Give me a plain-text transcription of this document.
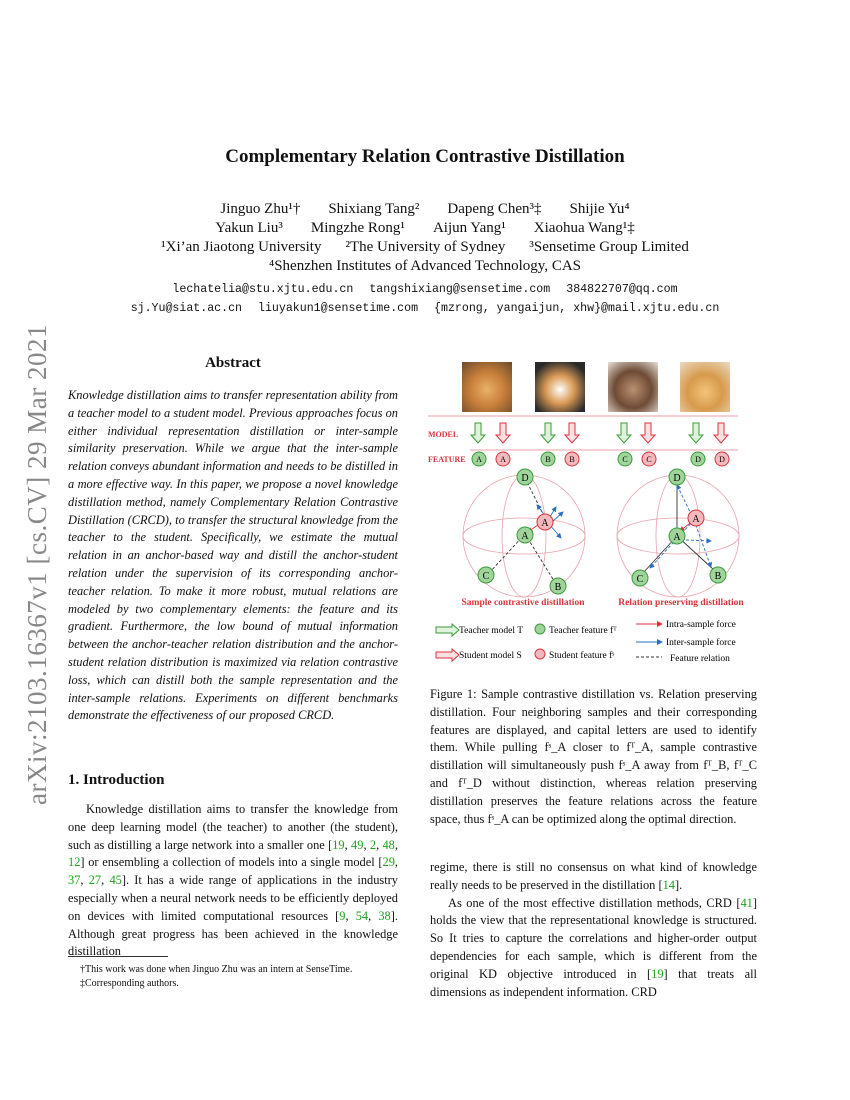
arXiv:2103.16367v1 [cs.CV] 29 Mar 2021
Complementary Relation Contrastive Distillation
Jinguo Zhu¹† Shixiang Tang² Dapeng Chen³‡ Shijie Yu⁴
Yakun Liu³ Mingzhe Rong¹ Aijun Yang¹ Xiaohua Wang¹‡
¹Xi’an Jiaotong University ²The University of Sydney ³Sensetime Group Limited
⁴Shenzhen Institutes of Advanced Technology, CAS
lechatelia@stu.xjtu.edu.cn tangshixiang@sensetime.com 384822707@qq.com
sj.Yu@siat.ac.cn liuyakun1@sensetime.com {mzrong, yangaijun, xhw}@mail.xjtu.edu.cn
Abstract

Knowledge distillation aims to transfer representation ability from a teacher model to a student model. Previous approaches focus on either individual representation distillation or inter-sample similarity preservation. While we argue that the inter-sample relation conveys abundant information and needs to be distilled in a more effective way. In this paper, we propose a novel knowledge distillation method, namely Complementary Relation Contrastive Distillation (CRCD), to transfer the structural knowledge from the teacher to the student. Specifically, we estimate the mutual relation in an anchor-based way and distill the anchor-student relation under the supervision of its corresponding anchor-teacher relation. To make it more robust, mutual relations are modeled by two complementary elements: the feature and its gradient. Furthermore, the low bound of mutual information between the anchor-teacher relation distribution and the anchor-student relation distribution is maximized via relation contrastive loss, which can distill both the sample representation and the inter-sample relations. Experiments on different benchmarks demonstrate the effectiveness of our proposed CRCD.

1. Introduction

Knowledge distillation aims to transfer the knowledge from one deep learning model (the teacher) to another (the student), such as distilling a large network into a smaller one [19, 49, 2, 48, 12] or ensembling a collection of models into a single model [29, 37, 27, 45]. It has a wide range of applications in the industry especially when a neural network needs to be efficiently deployed on devices with limited computational resources [9, 54, 38]. Although great progress has been achieved in the knowledge distillation

†This work was done when Jinguo Zhu was an intern at SenseTime.
‡Corresponding authors.
MODEL
FEATURE A A	B B	C C	D D
D
A
A
C
B
D
A
A
C	B
Sample contrastive distillation	Relation preserving distillation
Teacher model T	Teacher feature fᵀ
Intra-sample force
Inter-sample force
Student model S	Student feature fˢ	Feature relation

Figure 1: Sample contrastive distillation vs. Relation preserving distillation. Four neighboring samples and their corresponding features are displayed, and capital letters are used to identify them. While pulling fˢ_A closer to fᵀ_A, sample contrastive distillation will simultaneously push fˢ_A away from fᵀ_B, fᵀ_C and fᵀ_D without distinction, whereas relation preserving distillation preserves the feature relations across the feature space, thus fˢ_A can be optimized along the optimal direction.

regime, there is still no consensus on what kind of knowledge really needs to be preserved in the distillation [14].

As one of the most effective distillation methods, CRD [41] holds the view that the representational knowledge is structured. So It tries to capture the correlations and higher-order output dependencies for each sample, which is different from the original KD objective introduced in [19] that treats all dimensions as independent information. CRD
